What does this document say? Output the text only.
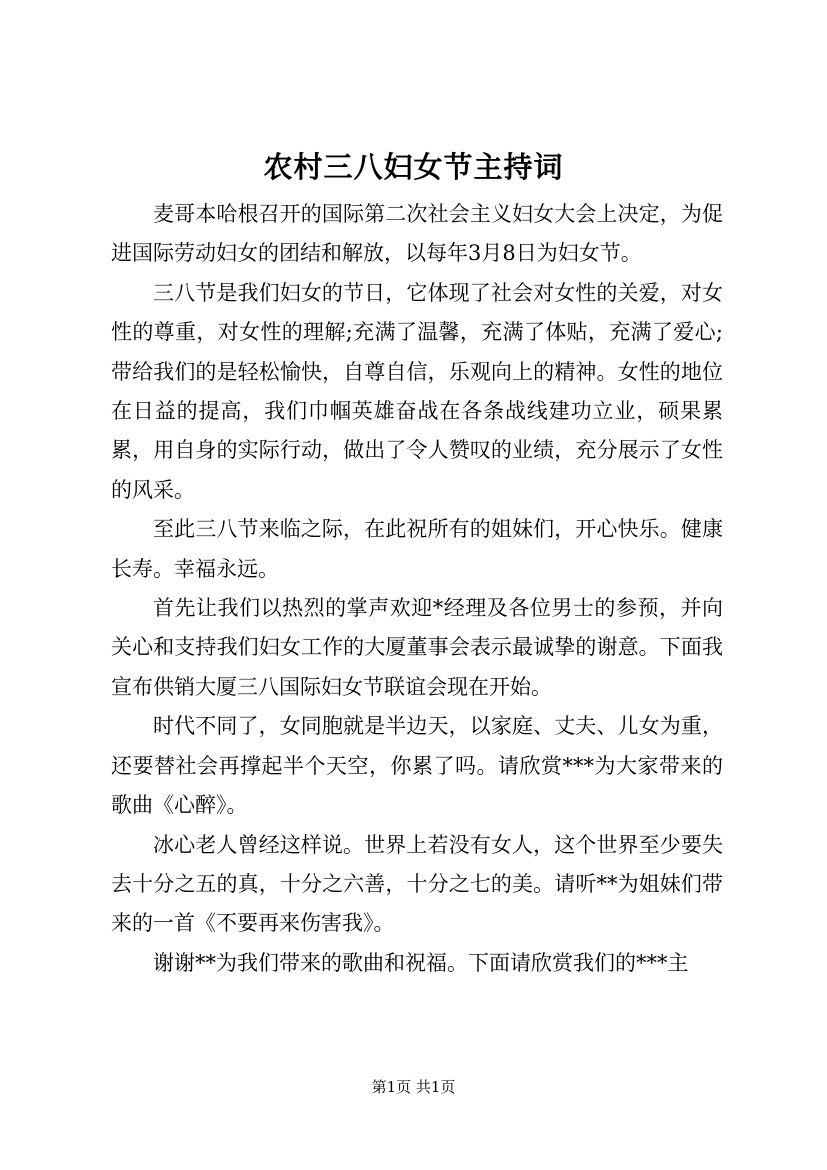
农村三八妇女节主持词

麦哥本哈根召开的国际第二次社会主义妇女大会上决定，为促进国际劳动妇女的团结和解放，以每年3月8日为妇女节。

三八节是我们妇女的节日，它体现了社会对女性的关爱，对女性的尊重，对女性的理解;充满了温馨，充满了体贴，充满了爱心;带给我们的是轻松愉快，自尊自信，乐观向上的精神。女性的地位在日益的提高，我们巾帼英雄奋战在各条战线建功立业，硕果累累，用自身的实际行动，做出了令人赞叹的业绩，充分展示了女性的风采。

至此三八节来临之际，在此祝所有的姐妹们，开心快乐。健康长寿。幸福永远。

首先让我们以热烈的掌声欢迎*经理及各位男士的参预，并向关心和支持我们妇女工作的大厦董事会表示最诚挚的谢意。下面我宣布供销大厦三八国际妇女节联谊会现在开始。

时代不同了，女同胞就是半边天，以家庭、丈夫、儿女为重，还要替社会再撑起半个天空，你累了吗。请欣赏***为大家带来的歌曲《心醉》。

冰心老人曾经这样说。世界上若没有女人，这个世界至少要失去十分之五的真，十分之六善，十分之七的美。请听**为姐妹们带来的一首《不要再来伤害我》。

谢谢**为我们带来的歌曲和祝福。下面请欣赏我们的***主

第1页 共1页
